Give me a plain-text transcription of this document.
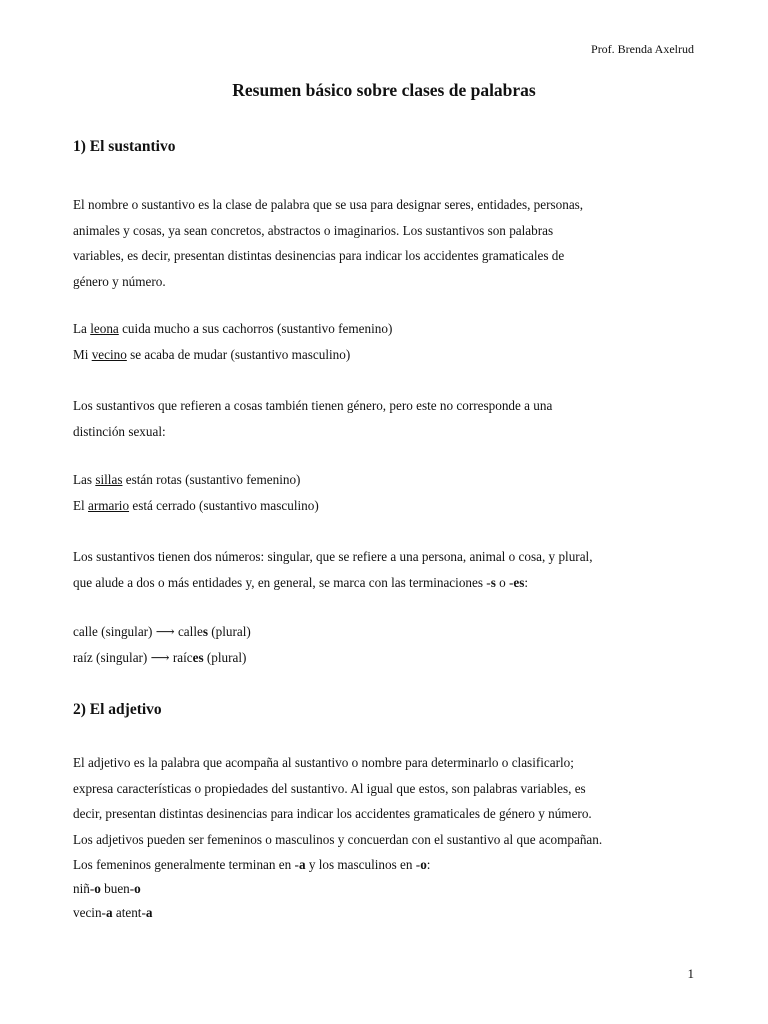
Prof. Brenda Axelrud
Resumen básico sobre clases de palabras
1) El sustantivo
El nombre o sustantivo es la clase de palabra que se usa para designar seres, entidades, personas,
animales y cosas, ya sean concretos, abstractos o imaginarios. Los sustantivos son palabras
variables, es decir, presentan distintas desinencias para indicar los accidentes gramaticales de
género y número.
La leona cuida mucho a sus cachorros (sustantivo femenino)
Mi vecino se acaba de mudar (sustantivo masculino)
Los sustantivos que refieren a cosas también tienen género, pero este no corresponde a una
distinción sexual:
Las sillas están rotas (sustantivo femenino)
El armario está cerrado (sustantivo masculino)
Los sustantivos tienen dos números: singular, que se refiere a una persona, animal o cosa, y plural,
que alude a dos o más entidades y, en general, se marca con las terminaciones -s o -es:
calle (singular) ⟶ calles (plural)
raíz (singular) ⟶ raíces (plural)
2) El adjetivo
El adjetivo es la palabra que acompaña al sustantivo o nombre para determinarlo o clasificarlo;
expresa características o propiedades del sustantivo. Al igual que estos, son palabras variables, es
decir, presentan distintas desinencias para indicar los accidentes gramaticales de género y número.
Los adjetivos pueden ser femeninos o masculinos y concuerdan con el sustantivo al que acompañan.
Los femeninos generalmente terminan en -a y los masculinos en -o:
niñ-o buen-o
vecin-a atent-a
1
